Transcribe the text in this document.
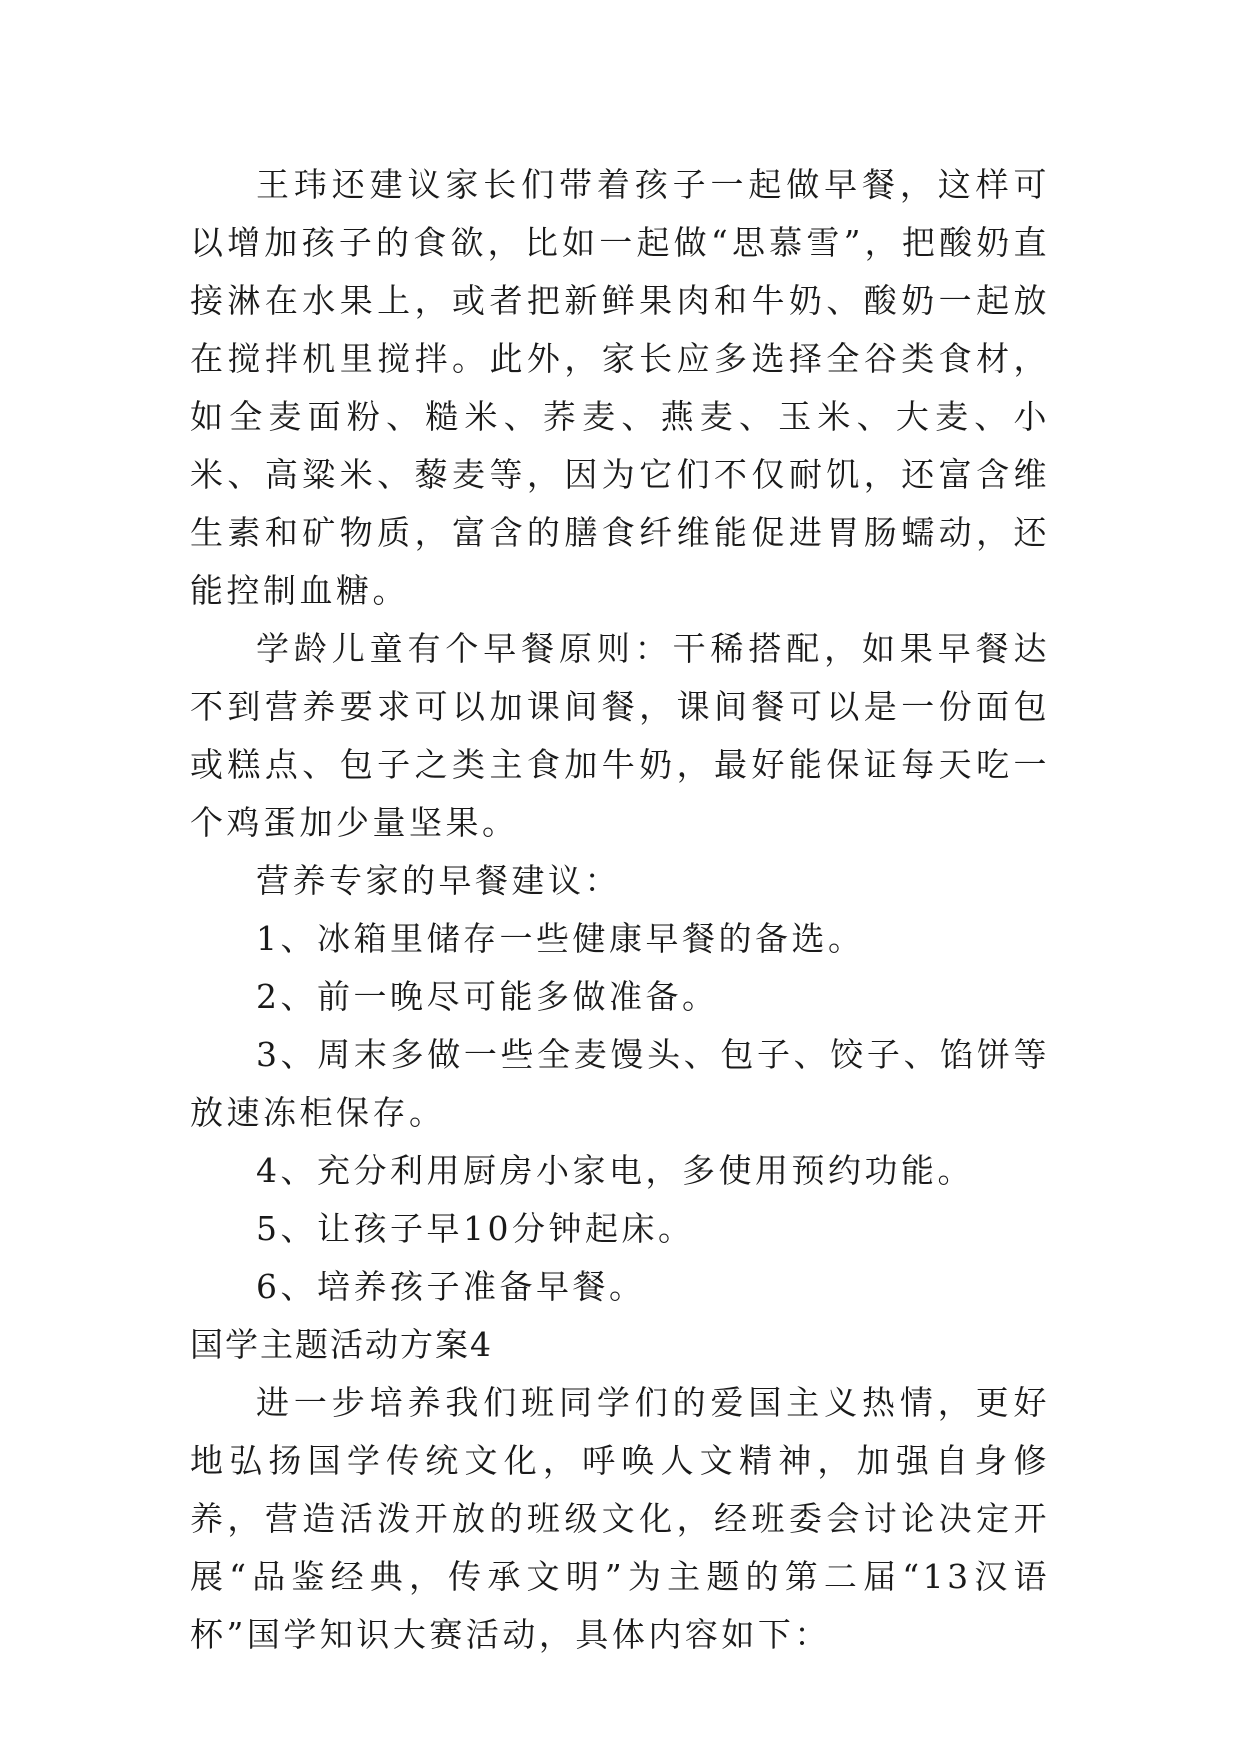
王玮还建议家长们带着孩子一起做早餐，这样可以增加孩子的食欲，比如一起做“思慕雪”，把酸奶直接淋在水果上，或者把新鲜果肉和牛奶、酸奶一起放在搅拌机里搅拌。此外，家长应多选择全谷类食材，如全麦面粉、糙米、荞麦、燕麦、玉米、大麦、小米、高粱米、藜麦等，因为它们不仅耐饥，还富含维生素和矿物质，富含的膳食纤维能促进胃肠蠕动，还能控制血糖。

学龄儿童有个早餐原则：干稀搭配，如果早餐达不到营养要求可以加课间餐，课间餐可以是一份面包或糕点、包子之类主食加牛奶，最好能保证每天吃一个鸡蛋加少量坚果。

营养专家的早餐建议：

1、冰箱里储存一些健康早餐的备选。

2、前一晚尽可能多做准备。

3、周末多做一些全麦馒头、包子、饺子、馅饼等放速冻柜保存。

4、充分利用厨房小家电，多使用预约功能。

5、让孩子早10分钟起床。

6、培养孩子准备早餐。

国学主题活动方案4

进一步培养我们班同学们的爱国主义热情，更好地弘扬国学传统文化，呼唤人文精神，加强自身修养，营造活泼开放的班级文化，经班委会讨论决定开展“品鉴经典，传承文明”为主题的第二届“13汉语杯”国学知识大赛活动，具体内容如下：
